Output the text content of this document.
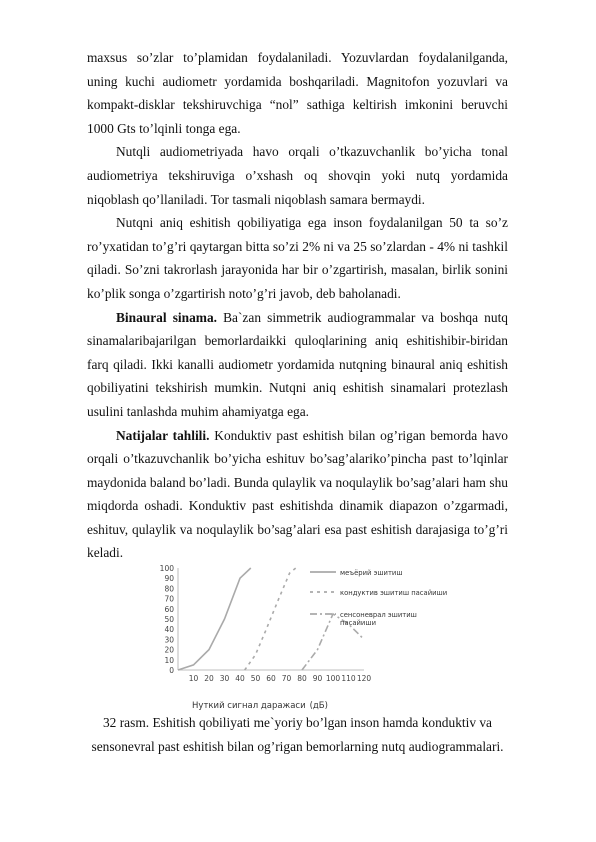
maxsus so’zlar to’plamidan foydalaniladi. Yozuvlardan foydalanilganda, uning kuchi audiometr yordamida boshqariladi. Magnitofon yozuvlari va kompakt-disklar tekshiruvchiga “nol” sathiga keltirish imkonini beruvchi 1000 Gts to’lqinli tonga ega.

Nutqli audiometriyada havo orqali o’tkazuvchanlik bo’yicha tonal audiometriya tekshiruviga o’xshash oq shovqin yoki nutq yordamida niqoblash qo’llaniladi. Tor tasmali niqoblash samara bermaydi.

Nutqni aniq eshitish qobiliyatiga ega inson foydalanilgan 50 ta so’z ro’yxatidan to’g’ri qaytargan bitta so’zi 2% ni va 25 so’zlardan - 4% ni tashkil qiladi. So’zni takrorlash jarayonida har bir o’zgartirish, masalan, birlik sonini ko’plik songa o’zgartirish noto’g’ri javob, deb baholanadi.

Binaural sinama. Ba`zan simmetrik audiogrammalar va boshqa nutq sinamalaribajarilgan bemorlardaikki quloqlarining aniq eshitishibir-biridan farq qiladi. Ikki kanalli audiometr yordamida nutqning binaural aniq eshitish qobiliyatini tekshirish mumkin. Nutqni aniq eshitish sinamalari protezlash usulini tanlashda muhim ahamiyatga ega.

Natijalar tahlili. Konduktiv past eshitish bilan og’rigan bemorda havo orqali o’tkazuvchanlik bo’yicha eshituv bo’sag’alariko’pincha past to’lqinlar maydonida baland bo’ladi. Bunda qulaylik va noqulaylik bo’sag’alari ham shu miqdorda oshadi. Konduktiv past eshitishda dinamik diapazon o’zgarmadi, eshituv, qulaylik va noqulaylik bo’sag’alari esa past eshitish darajasiga to’g’ri keladi.

0
10
20
30
40
50
60
70
80
90
100
10 20 30 40 50 60 70 80 90 100 110 120
меъёрий эшитиш
кондуктив эшитиш пасайиши
сенсоневрал эшитиш пасайиши
Нуткий сигнал даражаси (дБ)
32 rasm. Eshitish qobiliyati me`yoriy bo’lgan inson hamda konduktiv va
sensonevral past eshitish bilan og’rigan bemorlarning nutq audiogrammalari.
